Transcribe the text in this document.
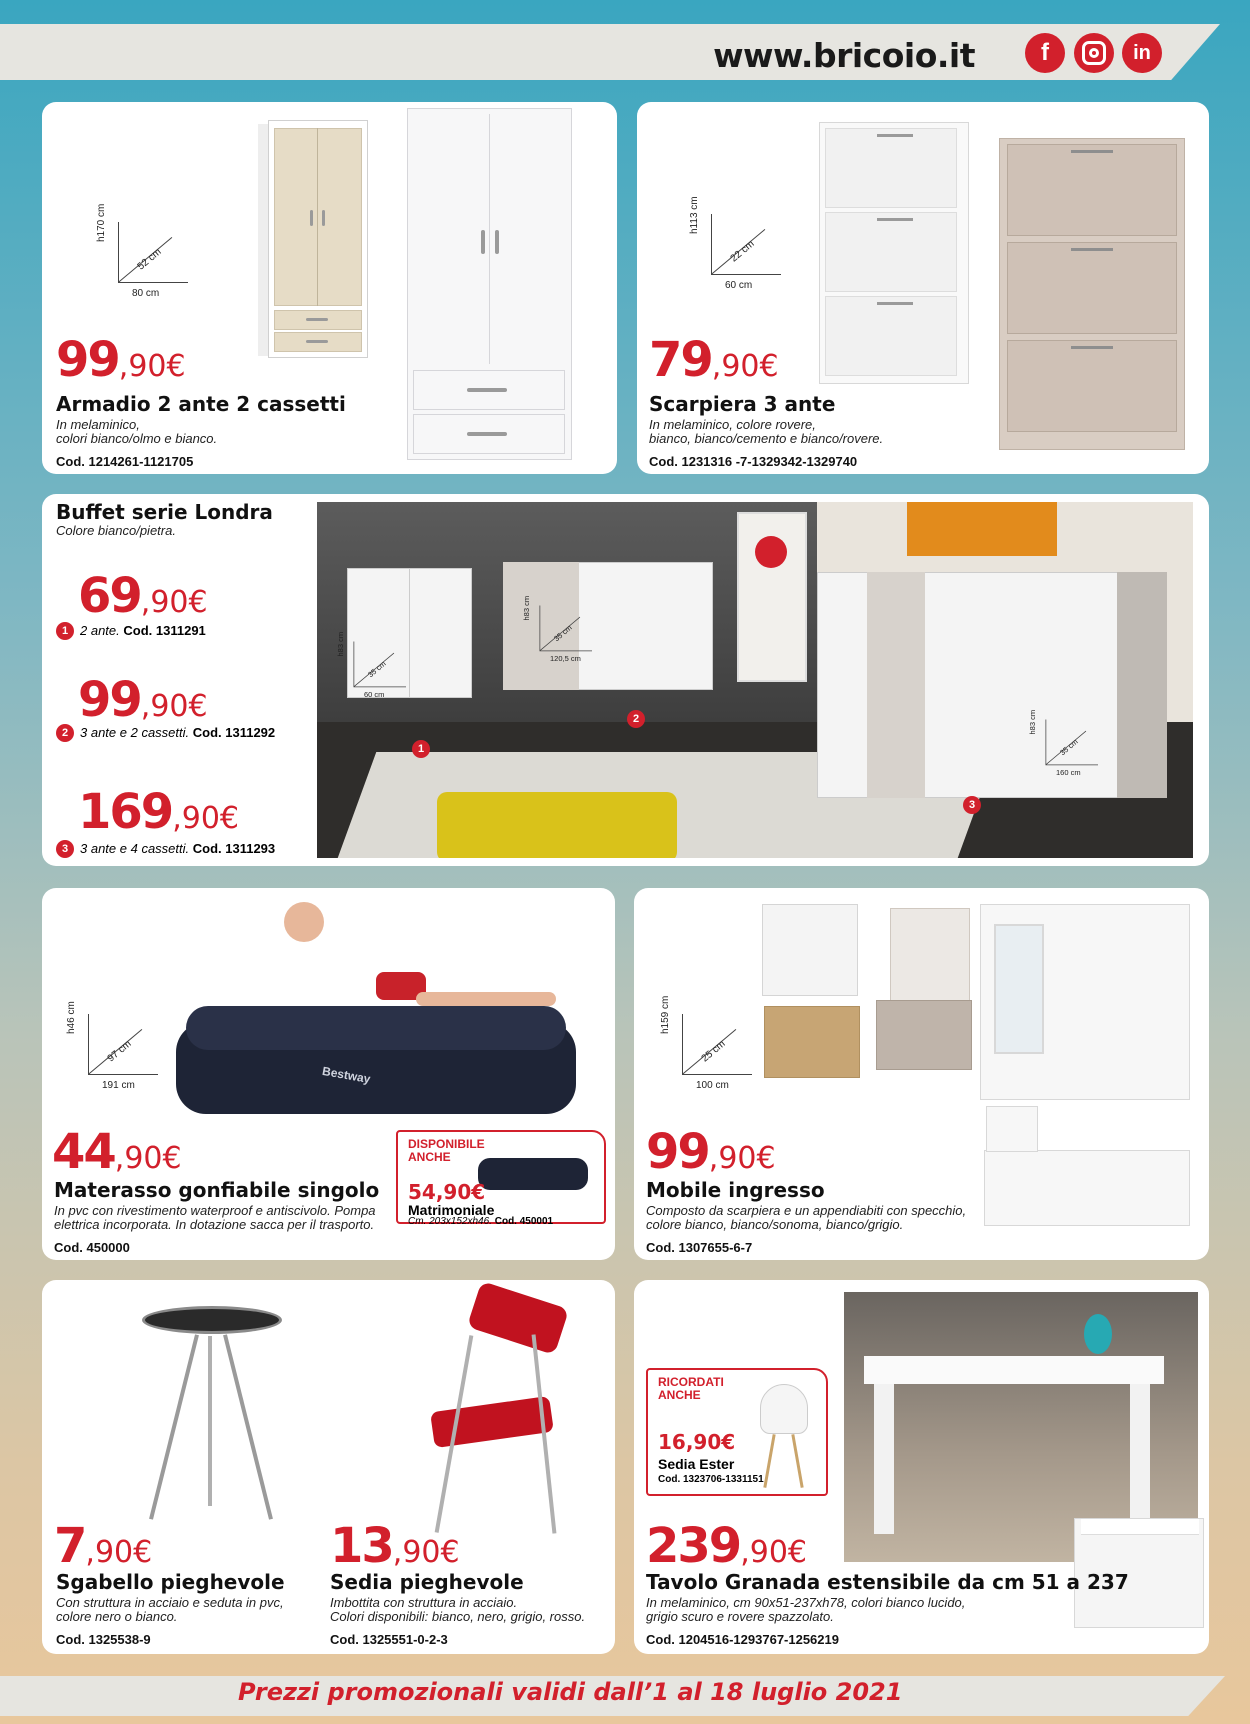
www.bricoio.it	f	in
h170 cm
52 cm
80 cm
99,90€
Armadio 2 ante 2 cassetti
In melaminico,
colori bianco/olmo e bianco.
Cod. 1214261-1121705
h113 cm
22 cm
60 cm
79,90€
Scarpiera 3 ante
In melaminico, colore rovere,
bianco, bianco/cemento e bianco/rovere.
Cod. 1231316 -7-1329342-1329740
Buffet serie Londra
Colore bianco/pietra.
69,90€
1 2 ante. Cod. 1311291
99,90€
2 3 ante e 2 cassetti. Cod. 1311292
169,90€
3 3 ante e 4 cassetti. Cod. 1311293
1
2
3
h83 cm
35 cm
60 cm
h83 cm
35 cm
120,5 cm
h83 cm
35 cm
160 cm
h46 cm
97 cm
191 cm	Bestway
44,90€
Materasso gonfiabile singolo
In pvc con rivestimento waterproof e antiscivolo. Pompa
elettrica incorporata. In dotazione sacca per il trasporto.
Cod. 450000
DISPONIBILE
ANCHE
54,90€
Matrimoniale
Cm. 203x152xh46. Cod. 450001
h159 cm
25 cm
100 cm
99,90€
Mobile ingresso
Composto da scarpiera e un appendiabiti con specchio,
colore bianco, bianco/sonoma, bianco/grigio.
Cod. 1307655-6-7
7,90€
Sgabello pieghevole
Con struttura in acciaio e seduta in pvc,
colore nero o bianco.
Cod. 1325538-9
13,90€
Sedia pieghevole
Imbottita con struttura in acciaio.
Colori disponibili: bianco, nero, grigio, rosso.
Cod. 1325551-0-2-3
RICORDATI
ANCHE
16,90€
Sedia Ester
Cod. 1323706-1331151
239,90€
Tavolo Granada estensibile da cm 51 a 237
In melaminico, cm 90x51-237xh78, colori bianco lucido,
grigio scuro e rovere spazzolato.
Cod. 1204516-1293767-1256219
Prezzi promozionali validi dall’1 al 18 luglio 2021
